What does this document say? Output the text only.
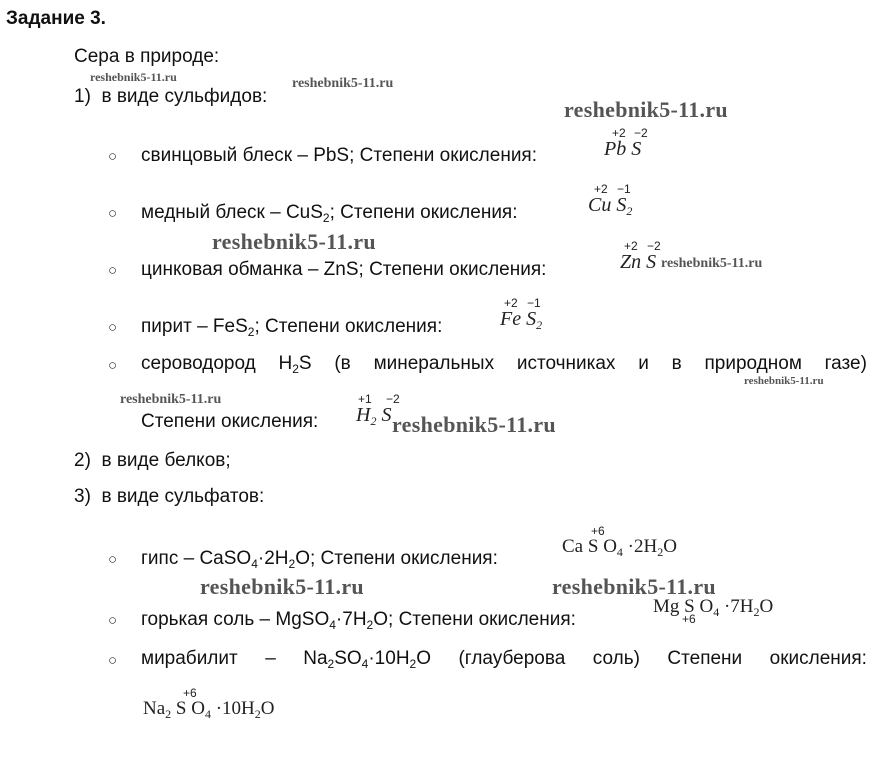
Задание 3.
Сера в природе:
1) в виде сульфидов:
○ свинцовый блеск – PbS; Степени окисления:
+2 −2
Pb S
○ медный блеск – CuS$_2$; Степени окисления:
+2 −1
Cu $S_2$
○ цинковая обманка – ZnS; Степени окисления:
+2 −2
Zn S
○ пирит – FeS$_2$; Степени окисления:
+2 −1
Fe $S_2$
○ сероводород $H_2S$ (в минеральных источниках и в природном газе)
Степени окисления:
+1 −2
$H_2$ S
2) в виде белков;
3) в виде сульфатов:
○ гипс – $CaSO_4\cdot 2H_2O$; Степени окисления:
+6
Ca S $O_4 \cdot 2H_2O$
○ горькая соль – $MgSO_4\cdot 7H_2O$; Степени окисления:	+6
Mg S $O_4 \cdot 7H_2O$
○ мирабилит – $Na_2SO_4\cdot 10H_2O$ (глауберова соль) Степени окисления:
+6
$Na_2$ S $O_4 \cdot 10H_2O$
reshebnik5-11.ru	reshebnik5-11.ru
reshebnik5-11.ru
reshebnik5-11.ru
reshebnik5-11.ru
reshebnik5-11.ru
reshebnik5-11.ru
reshebnik5-11.ru
reshebnik5-11.ru	reshebnik5-11.ru
